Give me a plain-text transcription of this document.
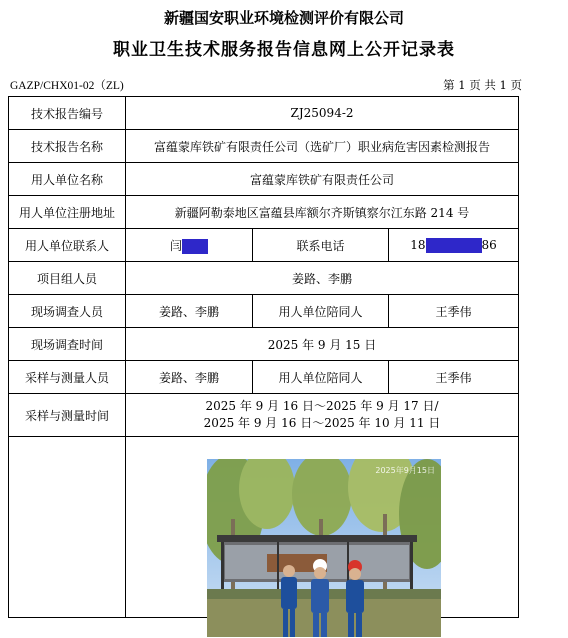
新疆国安职业环境检测评价有限公司
职业卫生技术服务报告信息网上公开记录表
GAZP/CHX01-02（ZL)	第 1 页 共 1 页
技术报告编号	ZJ25094-2		
技术报告名称	富蕴蒙库铁矿有限责任公司（选矿厂）职业病危害因素检测报告		
用人单位名称	富蕴蒙库铁矿有限责任公司		
用人单位注册地址	新疆阿勒泰地区富蕴县库额尔齐斯镇察尔江东路 214 号		
用人单位联系人	闫	联系电话	18 86
项目组人员	姜路、李鹏		
现场调查人员	姜路、李鹏	用人单位陪同人	王季伟
现场调查时间	2025 年 9 月 15 日		
采样与测量人员	姜路、李鹏	用人单位陪同人	王季伟
采样与测量时间	2025 年 9 月 16 日～2025 年 9 月 17 日/
2025 年 9 月 16 日～2025 年 10 月 11 日		

2025年9月15日
